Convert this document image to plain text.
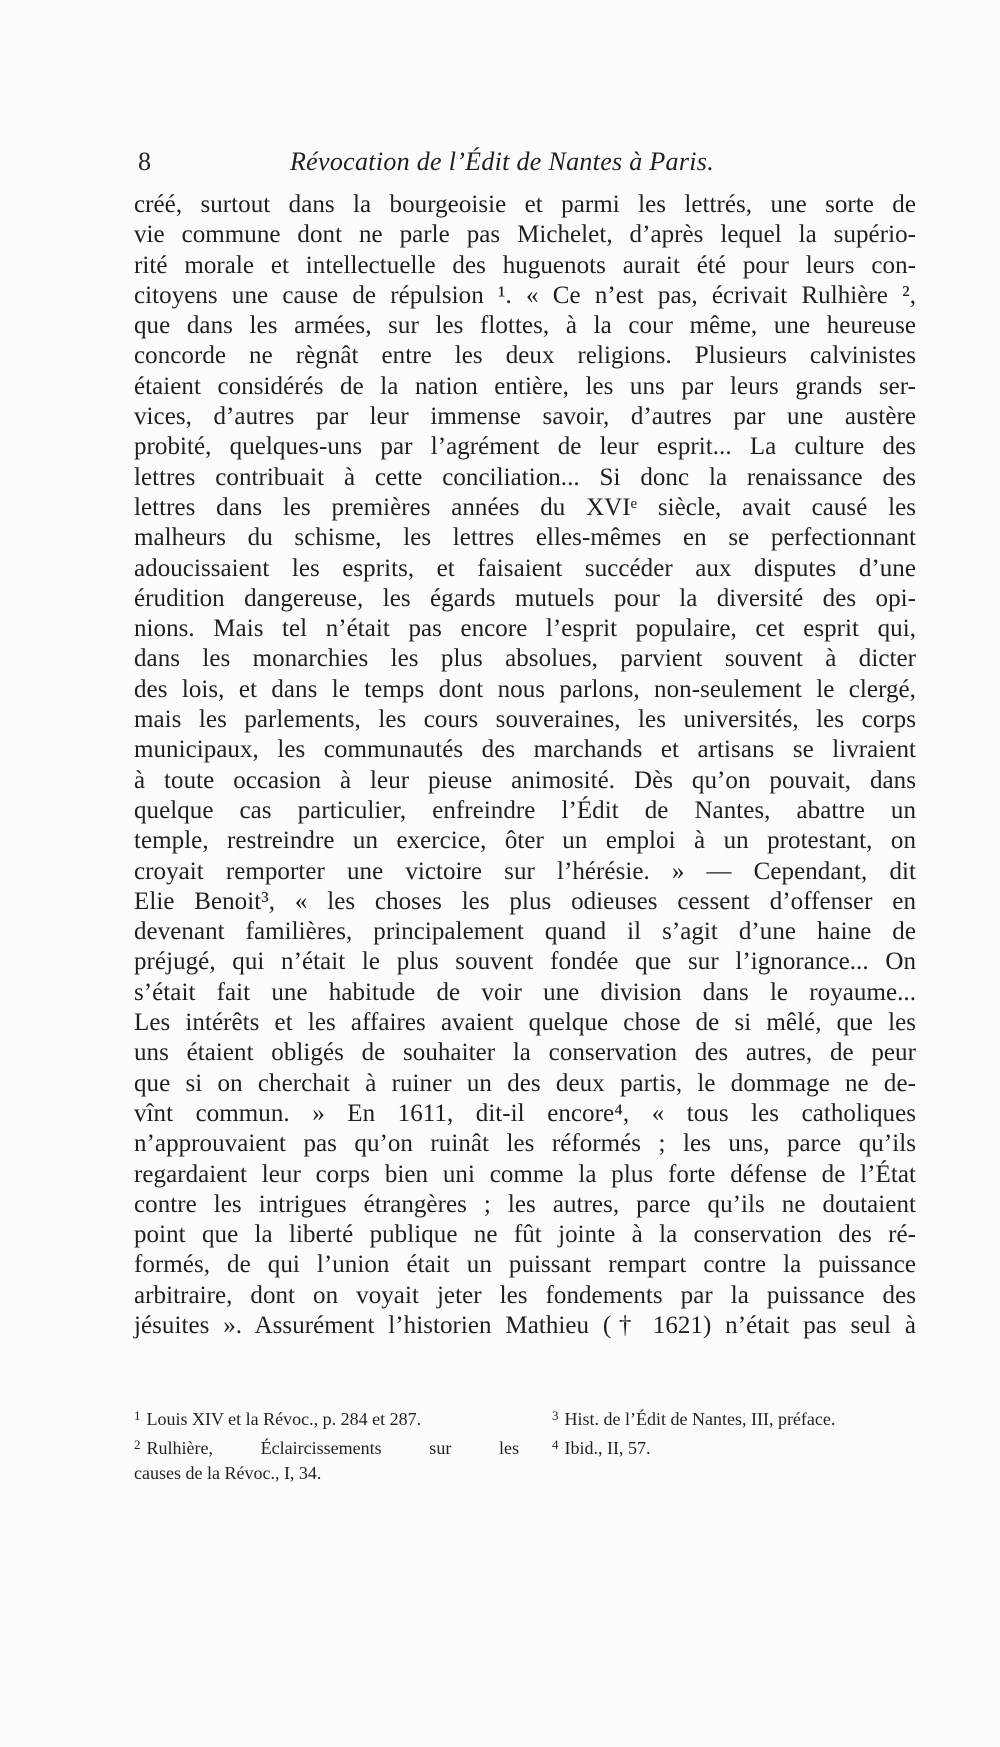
8	Révocation de l’Édit de Nantes à Paris.
créé, surtout dans la bourgeoisie et parmi les lettrés, une sorte de
vie commune dont ne parle pas Michelet, d’après lequel la supério-
rité morale et intellectuelle des huguenots aurait été pour leurs con-
citoyens une cause de répulsion ¹. « Ce n’est pas, écrivait Rulhière ²,
que dans les armées, sur les flottes, à la cour même, une heureuse
concorde ne règnât entre les deux religions. Plusieurs calvinistes
étaient considérés de la nation entière, les uns par leurs grands ser-
vices, d’autres par leur immense savoir, d’autres par une austère
probité, quelques-uns par l’agrément de leur esprit... La culture des
lettres contribuait à cette conciliation... Si donc la renaissance des
lettres dans les premières années du XVIᵉ siècle, avait causé les
malheurs du schisme, les lettres elles-mêmes en se perfectionnant
adoucissaient les esprits, et faisaient succéder aux disputes d’une
érudition dangereuse, les égards mutuels pour la diversité des opi-
nions. Mais tel n’était pas encore l’esprit populaire, cet esprit qui,
dans les monarchies les plus absolues, parvient souvent à dicter
des lois, et dans le temps dont nous parlons, non-seulement le clergé,
mais les parlements, les cours souveraines, les universités, les corps
municipaux, les communautés des marchands et artisans se livraient
à toute occasion à leur pieuse animosité. Dès qu’on pouvait, dans
quelque cas particulier, enfreindre l’Édit de Nantes, abattre un
temple, restreindre un exercice, ôter un emploi à un protestant, on
croyait remporter une victoire sur l’hérésie. » — Cependant, dit
Elie Benoit³, « les choses les plus odieuses cessent d’offenser en
devenant familières, principalement quand il s’agit d’une haine de
préjugé, qui n’était le plus souvent fondée que sur l’ignorance... On
s’était fait une habitude de voir une division dans le royaume...
Les intérêts et les affaires avaient quelque chose de si mêlé, que les
uns étaient obligés de souhaiter la conservation des autres, de peur
que si on cherchait à ruiner un des deux partis, le dommage ne de-
vînt commun. » En 1611, dit-il encore⁴, « tous les catholiques
n’approuvaient pas qu’on ruinât les réformés ; les uns, parce qu’ils
regardaient leur corps bien uni comme la plus forte défense de l’État
contre les intrigues étrangères ; les autres, parce qu’ils ne doutaient
point que la liberté publique ne fût jointe à la conservation des ré-
formés, de qui l’union était un puissant rempart contre la puissance
arbitraire, dont on voyait jeter les fondements par la puissance des
jésuites ». Assurément l’historien Mathieu († 1621) n’était pas seul à
$^1$ Louis XIV et la Révoc., p. 284 et 287.
$^2$ Rulhière, Éclaircissements sur les
causes de la Révoc., I, 34.
$^3$ Hist. de l’Édit de Nantes, III, préface.
$^4$ Ibid., II, 57.
